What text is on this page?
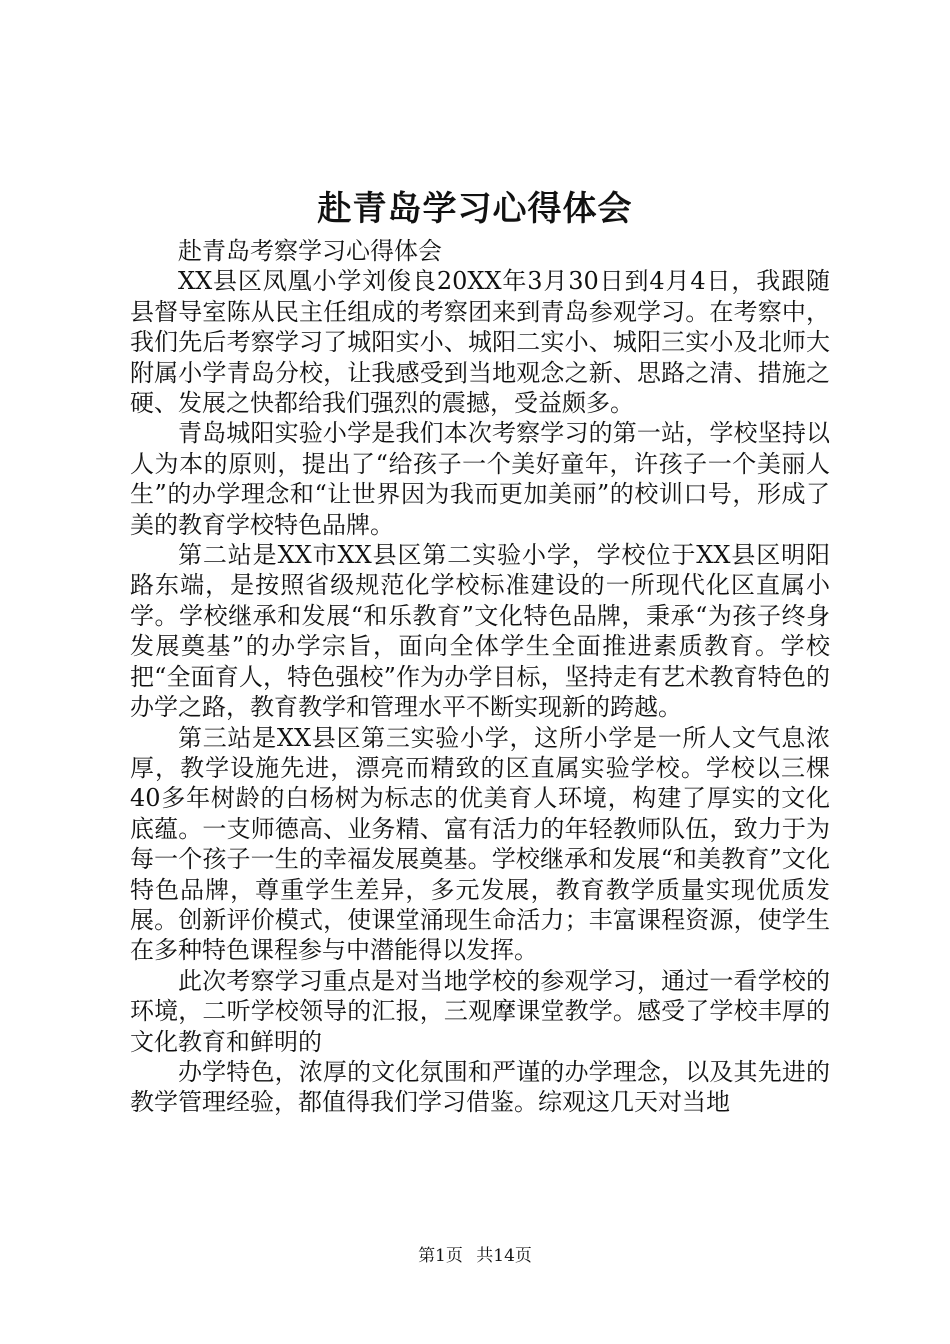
赴青岛学习心得体会

赴青岛考察学习心得体会

XX县区凤凰小学刘俊良20XX年3月30日到4月4日，我跟随县督导室陈从民主任组成的考察团来到青岛参观学习。在考察中，我们先后考察学习了城阳实小、城阳二实小、城阳三实小及北师大附属小学青岛分校，让我感受到当地观念之新、思路之清、措施之硬、发展之快都给我们强烈的震撼，受益颇多。

青岛城阳实验小学是我们本次考察学习的第一站，学校坚持以人为本的原则，提出了“给孩子一个美好童年，许孩子一个美丽人生”的办学理念和“让世界因为我而更加美丽”的校训口号，形成了美的教育学校特色品牌。

第二站是XX市XX县区第二实验小学，学校位于XX县区明阳路东端，是按照省级规范化学校标准建设的一所现代化区直属小学。学校继承和发展“和乐教育”文化特色品牌，秉承“为孩子终身发展奠基”的办学宗旨，面向全体学生全面推进素质教育。学校把“全面育人，特色强校”作为办学目标，坚持走有艺术教育特色的办学之路，教育教学和管理水平不断实现新的跨越。

第三站是XX县区第三实验小学，这所小学是一所人文气息浓厚，教学设施先进，漂亮而精致的区直属实验学校。学校以三棵40多年树龄的白杨树为标志的优美育人环境，构建了厚实的文化底蕴。一支师德高、业务精、富有活力的年轻教师队伍，致力于为每一个孩子一生的幸福发展奠基。学校继承和发展“和美教育”文化特色品牌，尊重学生差异，多元发展，教育教学质量实现优质发展。创新评价模式，使课堂涌现生命活力；丰富课程资源，使学生在多种特色课程参与中潜能得以发挥。

此次考察学习重点是对当地学校的参观学习，通过一看学校的环境，二听学校领导的汇报，三观摩课堂教学。感受了学校丰厚的文化教育和鲜明的

办学特色，浓厚的文化氛围和严谨的办学理念，以及其先进的教学管理经验，都值得我们学习借鉴。综观这几天对当地

第1页 共14页
